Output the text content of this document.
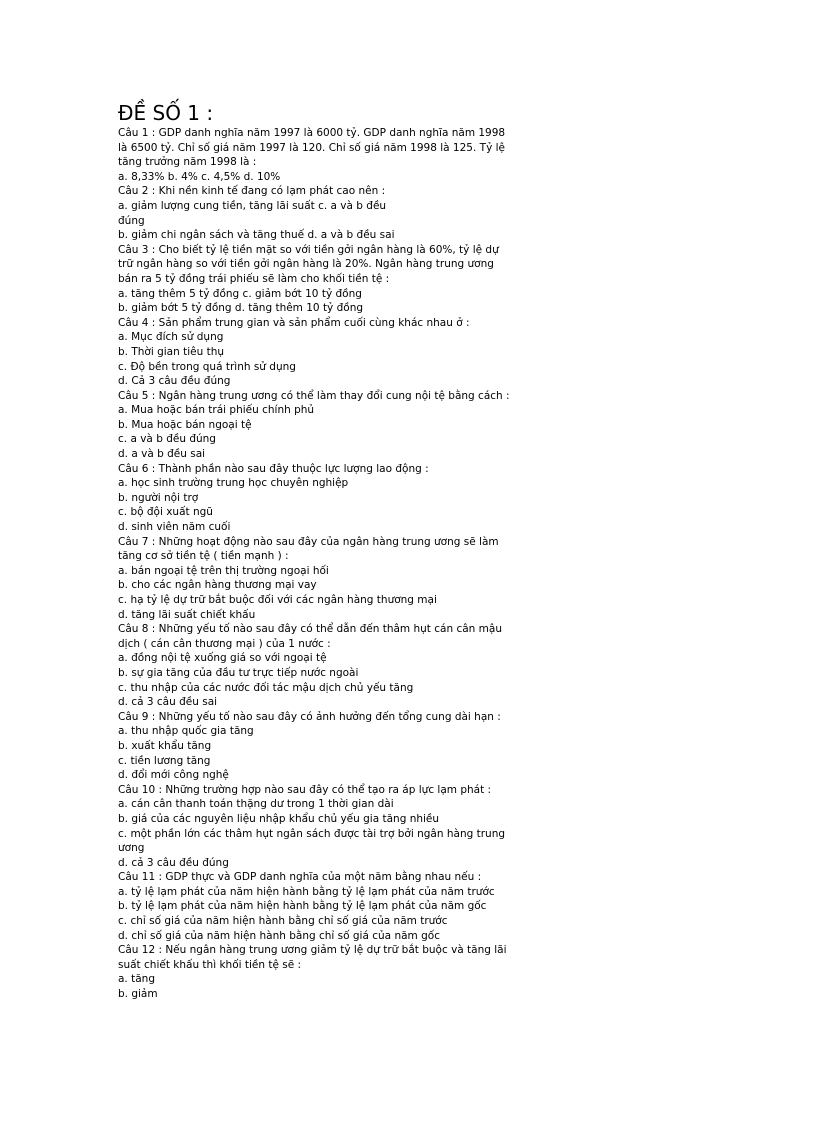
ĐỀ SỐ 1 :
Câu 1 : GDP danh nghĩa năm 1997 là 6000 tỷ. GDP danh nghĩa năm 1998
là 6500 tỷ. Chỉ số giá năm 1997 là 120. Chỉ số giá năm 1998 là 125. Tỷ lệ
tăng trưởng năm 1998 là :
a. 8,33% b. 4% c. 4,5% d. 10%
Câu 2 : Khi nền kinh tế đang có lạm phát cao nên :
a. giảm lượng cung tiền, tăng lãi suất c. a và b đều
đúng
b. giảm chi ngân sách và tăng thuế d. a và b đều sai
Câu 3 : Cho biết tỷ lệ tiền mặt so với tiền gởi ngân hàng là 60%, tỷ lệ dự
trữ ngân hàng so với tiền gởi ngân hàng là 20%. Ngân hàng trung ương
bán ra 5 tỷ đồng trái phiếu sẽ làm cho khối tiền tệ :
a. tăng thêm 5 tỷ đồng c. giảm bớt 10 tỷ đồng
b. giảm bớt 5 tỷ đồng d. tăng thêm 10 tỷ đồng
Câu 4 : Sản phẩm trung gian và sản phẩm cuối cùng khác nhau ở :
a. Mục đích sử dụng
b. Thời gian tiêu thụ
c. Độ bền trong quá trình sử dụng
d. Cả 3 câu đều đúng
Câu 5 : Ngân hàng trung ương có thể làm thay đổi cung nội tệ bằng cách :
a. Mua hoặc bán trái phiếu chính phủ
b. Mua hoặc bán ngoại tệ
c. a và b đều đúng
d. a và b đều sai
Câu 6 : Thành phần nào sau đây thuộc lực lượng lao động :
a. học sinh trường trung học chuyên nghiệp
b. người nội trợ
c. bộ đội xuất ngũ
d. sinh viên năm cuối
Câu 7 : Những hoạt động nào sau đây của ngân hàng trung ương sẽ làm
tăng cơ sở tiền tệ ( tiền mạnh ) :
a. bán ngoại tệ trên thị trường ngoại hối
b. cho các ngân hàng thương mại vay
c. hạ tỷ lệ dự trữ bắt buộc đối với các ngân hàng thương mại
d. tăng lãi suất chiết khấu
Câu 8 : Những yếu tố nào sau đây có thể dẫn đến thâm hụt cán cân mậu
dịch ( cán cân thương mại ) của 1 nước :
a. đồng nội tệ xuống giá so với ngoại tệ
b. sự gia tăng của đầu tư trực tiếp nước ngoài
c. thu nhập của các nước đối tác mậu dịch chủ yếu tăng
d. cả 3 câu đều sai
Câu 9 : Những yếu tố nào sau đây có ảnh hưởng đến tổng cung dài hạn :
a. thu nhập quốc gia tăng
b. xuất khẩu tăng
c. tiền lương tăng
d. đổi mới công nghệ
Câu 10 : Những trường hợp nào sau đây có thể tạo ra áp lực lạm phát :
a. cán cân thanh toán thặng dư trong 1 thời gian dài
b. giá của các nguyên liệu nhập khẩu chủ yếu gia tăng nhiều
c. một phần lớn các thâm hụt ngân sách được tài trợ bởi ngân hàng trung
ương
d. cả 3 câu đều đúng
Câu 11 : GDP thực và GDP danh nghĩa của một năm bằng nhau nếu :
a. tỷ lệ lạm phát của năm hiện hành bằng tỷ lệ lạm phát của năm trước
b. tỷ lệ lạm phát của năm hiện hành bằng tỷ lệ lạm phát của năm gốc
c. chỉ số giá của năm hiện hành bằng chỉ số giá của năm trước
d. chỉ số giá của năm hiện hành bằng chỉ số giá của năm gốc
Câu 12 : Nếu ngân hàng trung ương giảm tỷ lệ dự trữ bắt buộc và tăng lãi
suất chiết khấu thì khối tiền tệ sẽ :
a. tăng
b. giảm
